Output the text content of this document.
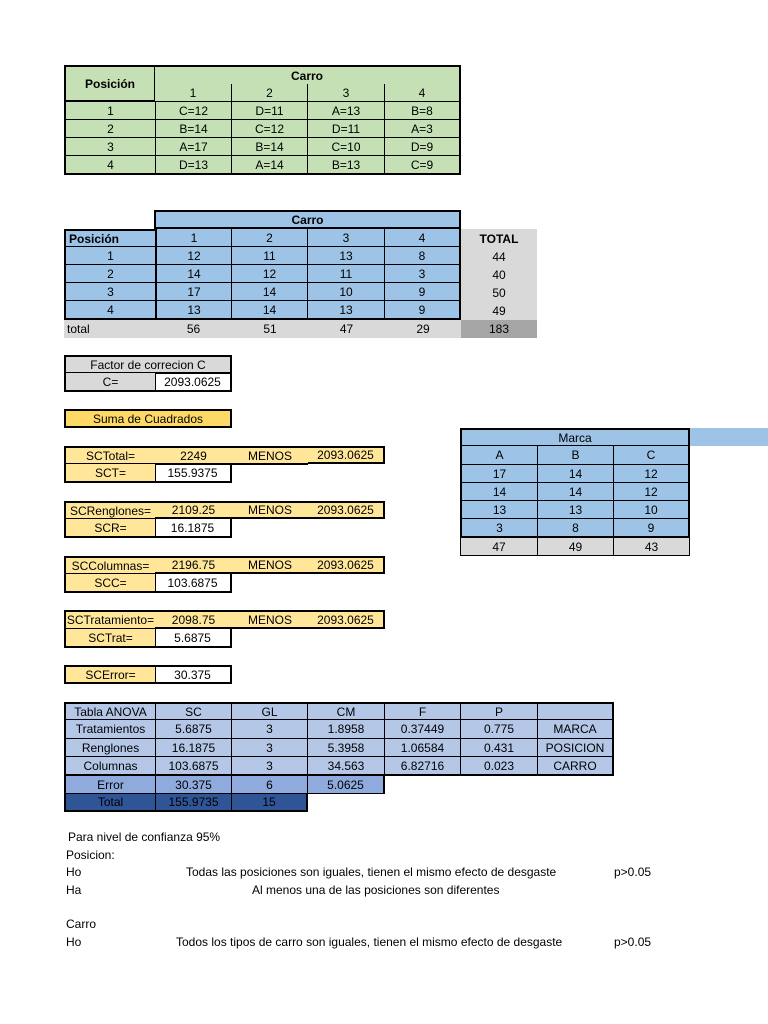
Posición
Carro
1	2	3	4
1	C=12	D=11	A=13	B=8
2	B=14	C=12	D=11	A=3
3	A=17	B=14	C=10	D=9
4	D=13	A=14	B=13	C=9
Carro
Posición	1	2	3	4	TOTAL
1	12	11	13	8	44
2	14	12	11	3	40
3	17	14	10	9	50
4	13	14	13	9	49
total	56	51	47	29	183
Factor de correcion C
C=	2093.0625
Suma de Cuadrados
SCTotal=	2249	MENOS	2093.0625
SCT=	155.9375
SCRenglones=	2109.25	MENOS	2093.0625
SCR=	16.1875
SCColumnas=	2196.75	MENOS	2093.0625
SCC=	103.6875
SCTratamiento=	2098.75	MENOS	2093.0625
SCTrat=	5.6875
SCError=	30.375
Marca
A	B	C
17	14	12
14	14	12
13	13	10
3	8	9
47	49	43
Tabla ANOVA	SC	GL	CM	F	P
Tratamientos	5.6875	3	1.8958	0.37449	0.775	MARCA
Renglones	16.1875	3	5.3958	1.06584	0.431	POSICION
Columnas	103.6875	3	34.563	6.82716	0.023	CARRO
Error	30.375	6	5.0625
Total	155.9735	15
Para nivel de confianza 95%
Posicion:
Ho	Todas las posiciones son iguales, tienen el mismo efecto de desgaste	p>0.05
Ha	Al menos una de las posiciones son diferentes
Carro
Ho	Todos los tipos de carro son iguales, tienen el mismo efecto de desgaste	p>0.05
